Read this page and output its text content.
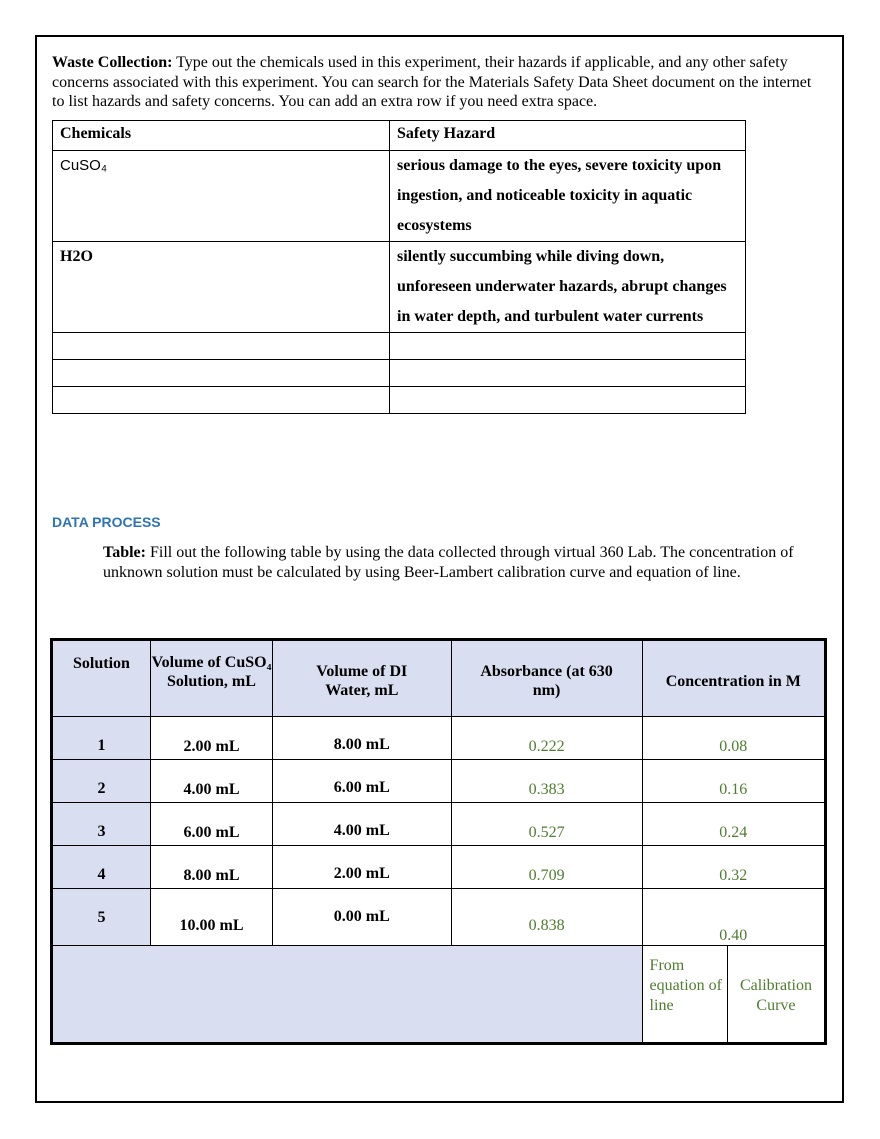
Waste Collection: Type out the chemicals used in this experiment, their hazards if applicable, and any other safety concerns associated with this experiment. You can search for the Materials Safety Data Sheet document on the internet to list hazards and safety concerns. You can add an extra row if you need extra space.
Chemicals	Safety Hazard
CuSO₄	serious damage to the eyes, severe toxicity upon ingestion, and noticeable toxicity in aquatic ecosystems
H2O	silently succumbing while diving down, unforeseen underwater hazards, abrupt changes in water depth, and turbulent water currents

DATA PROCESS
Table: Fill out the following table by using the data collected through virtual 360 Lab. The concentration of unknown solution must be calculated by using Beer-Lambert calibration curve and equation of line.
Solution	Volume of CuSO₄ Solution, mL	Volume of DI Water, mL	Absorbance (at 630 nm)	Concentration in M	
1	2.00 mL	8.00 mL	0.222	0.08	
2	4.00 mL	6.00 mL	0.383	0.16	
3	6.00 mL	4.00 mL	0.527	0.24	
4	8.00 mL	2.00 mL	0.709	0.32	
5	10.00 mL	0.00 mL	0.838	0.40	
				From equation of line	Calibration Curve
